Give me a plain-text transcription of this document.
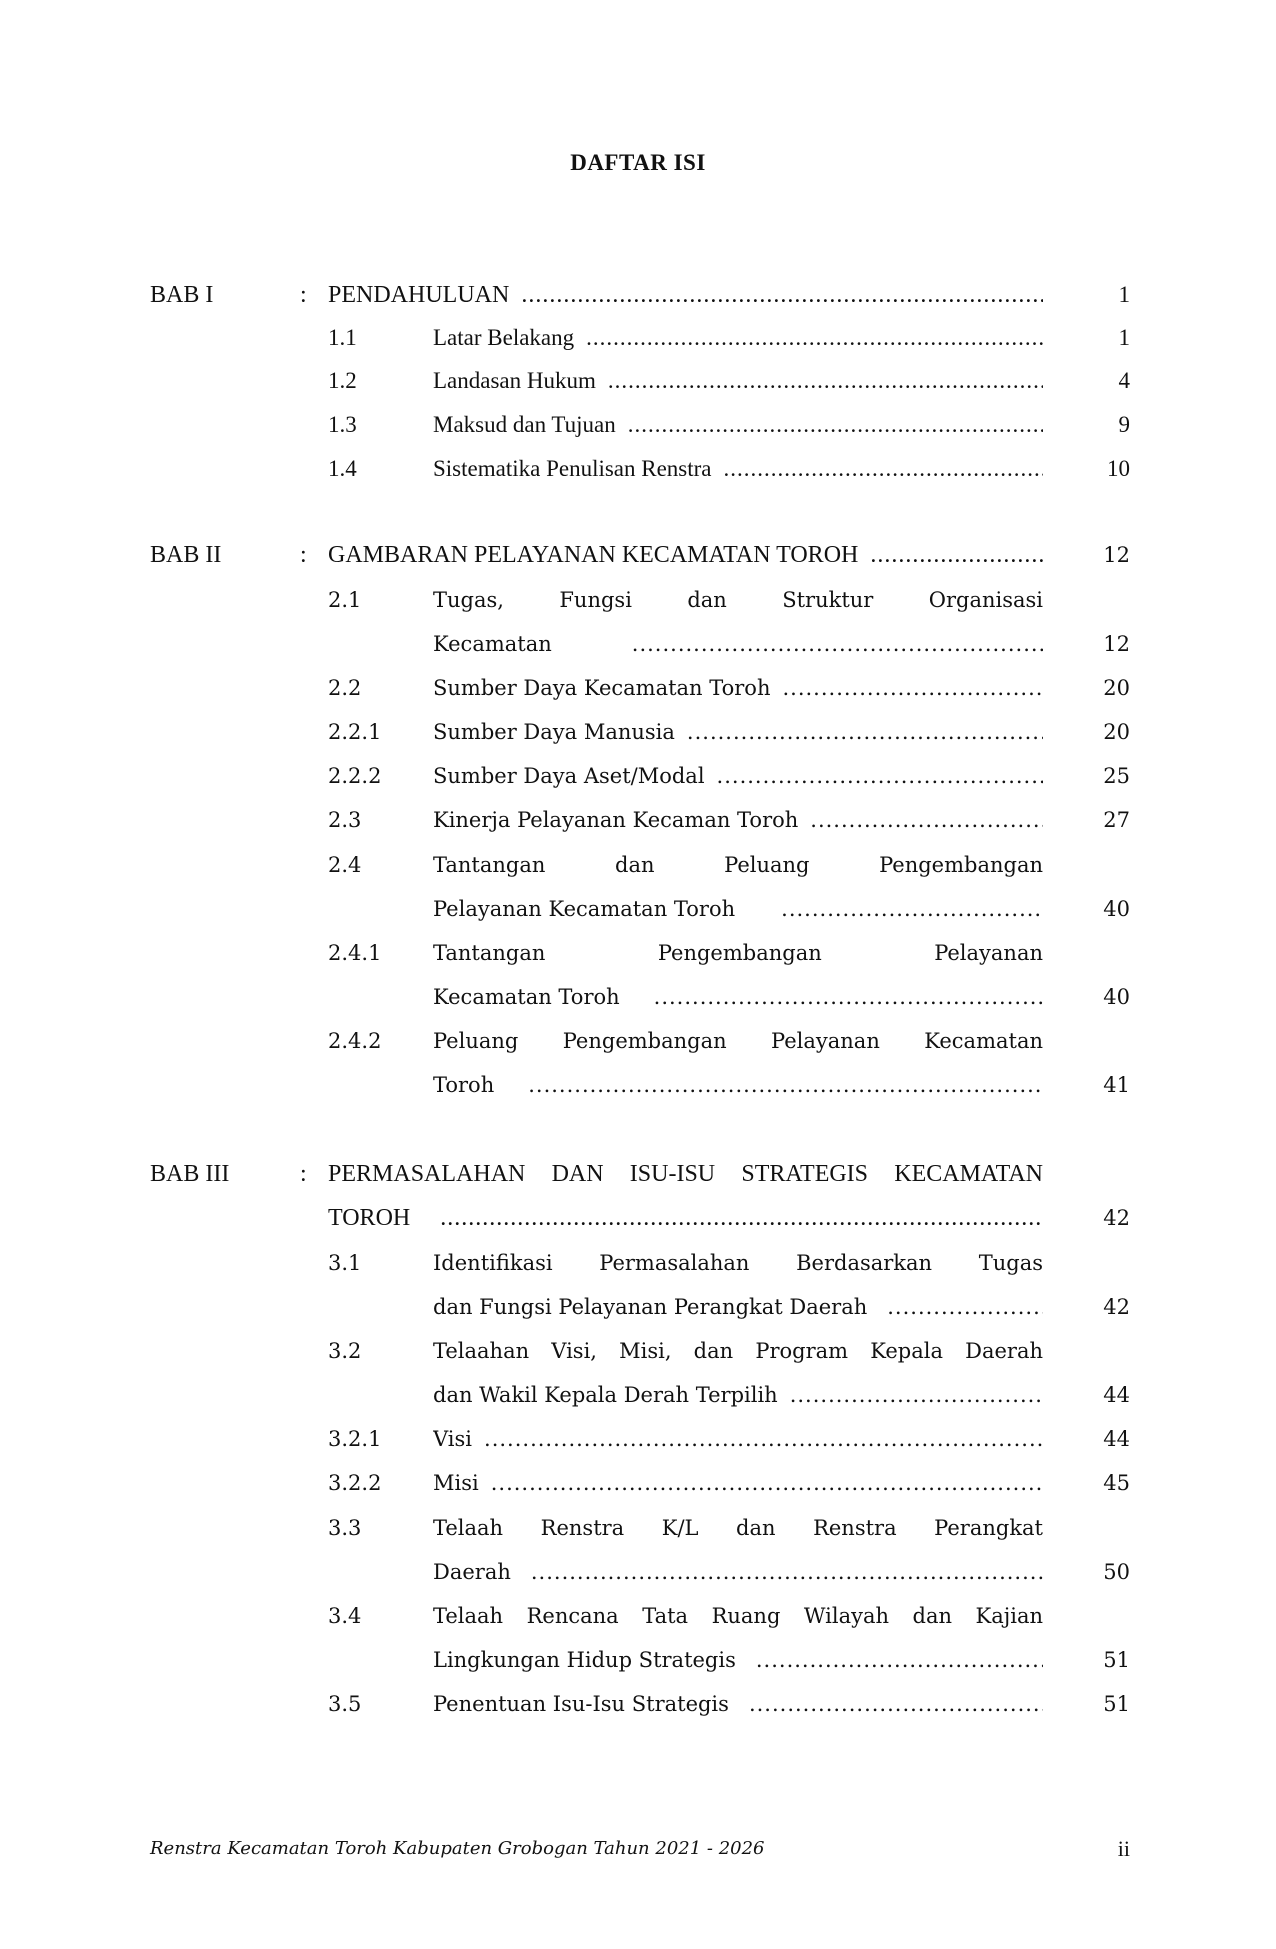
DAFTAR ISI
BAB I	: PENDAHULUAN .....	1
1.1	Latar Belakang .....	1
1.2	Landasan Hukum .....	4
1.3	Maksud dan Tujuan .....	9
1.4	Sistematika Penulisan Renstra .....	10
BAB II	: GAMBARAN PELAYANAN KECAMATAN TOROH .....	12
2.1	Tugas, Fungsi dan Struktur Organisasi
Kecamatan .....	12
2.2	Sumber Daya Kecamatan Toroh .....	20
2.2.1 Sumber Daya Manusia .....	20
2.2.2 Sumber Daya Aset/Modal .....	25
2.3	Kinerja Pelayanan Kecaman Toroh .....	27
2.4	Tantangan dan Peluang Pengembangan
Pelayanan Kecamatan Toroh .....	40
2.4.1 Tantangan Pengembangan Pelayanan
Kecamatan Toroh .....	40
2.4.2 Peluang Pengembangan Pelayanan Kecamatan
Toroh .....	41
BAB III	: PERMASALAHAN DAN ISU-ISU STRATEGIS KECAMATAN
TOROH .....	42
3.1	Identifikasi Permasalahan Berdasarkan Tugas
dan Fungsi Pelayanan Perangkat Daerah .....	42
3.2	Telaahan Visi, Misi, dan Program Kepala Daerah
dan Wakil Kepala Derah Terpilih .....	44
3.2.1 Visi .....	44
3.2.2 Misi .....	45
3.3	Telaah Renstra K/L dan Renstra Perangkat
Daerah .....	50
3.4	Telaah Rencana Tata Ruang Wilayah dan Kajian
Lingkungan Hidup Strategis .....	51
3.5	Penentuan Isu-Isu Strategis .....	51
Renstra Kecamatan Toroh Kabupaten Grobogan Tahun 2021 - 2026	ii
